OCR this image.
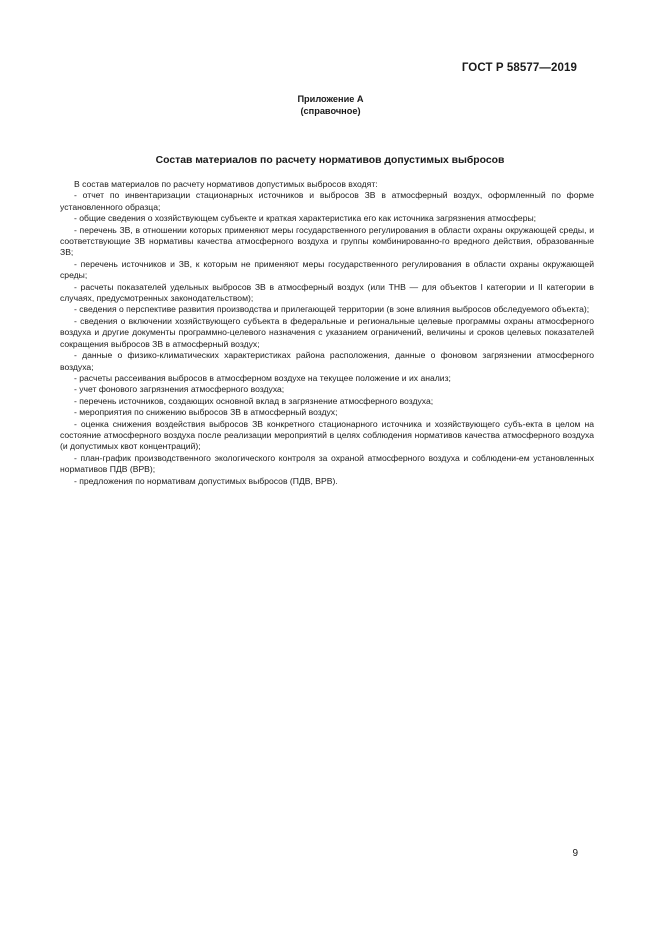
ГОСТ Р 58577—2019
Приложение А
(справочное)
Состав материалов по расчету нормативов допустимых выбросов

В состав материалов по расчету нормативов допустимых выбросов входят:

- отчет по инвентаризации стационарных источников и выбросов ЗВ в атмосферный воздух, оформленный по форме установленного образца;

- общие сведения о хозяйствующем субъекте и краткая характеристика его как источника загрязнения атмосферы;

- перечень ЗВ, в отношении которых применяют меры государственного регулирования в области охраны окружающей среды, и соответствующие ЗВ нормативы качества атмосферного воздуха и группы комбинированно-го вредного действия, образованные ЗВ;

- перечень источников и ЗВ, к которым не применяют меры государственного регулирования в области охраны окружающей среды;

- расчеты показателей удельных выбросов ЗВ в атмосферный воздух (или ТНВ — для объектов I категории и II категории в случаях, предусмотренных законодательством);

- сведения о перспективе развития производства и прилегающей территории (в зоне влияния выбросов обследуемого объекта);

- сведения о включении хозяйствующего субъекта в федеральные и региональные целевые программы охраны атмосферного воздуха и другие документы программно-целевого назначения с указанием ограничений, величины и сроков целевых показателей сокращения выбросов ЗВ в атмосферный воздух;

- данные о физико-климатических характеристиках района расположения, данные о фоновом загрязнении атмосферного воздуха;

- расчеты рассеивания выбросов в атмосферном воздухе на текущее положение и их анализ;

- учет фонового загрязнения атмосферного воздуха;

- перечень источников, создающих основной вклад в загрязнение атмосферного воздуха;

- мероприятия по снижению выбросов ЗВ в атмосферный воздух;

- оценка снижения воздействия выбросов ЗВ конкретного стационарного источника и хозяйствующего субъ-екта в целом на состояние атмосферного воздуха после реализации мероприятий в целях соблюдения нормативов качества атмосферного воздуха (и допустимых квот концентраций);

- план-график производственного экологического контроля за охраной атмосферного воздуха и соблюдени-ем установленных нормативов ПДВ (ВРВ);

- предложения по нормативам допустимых выбросов (ПДВ, ВРВ).

9
